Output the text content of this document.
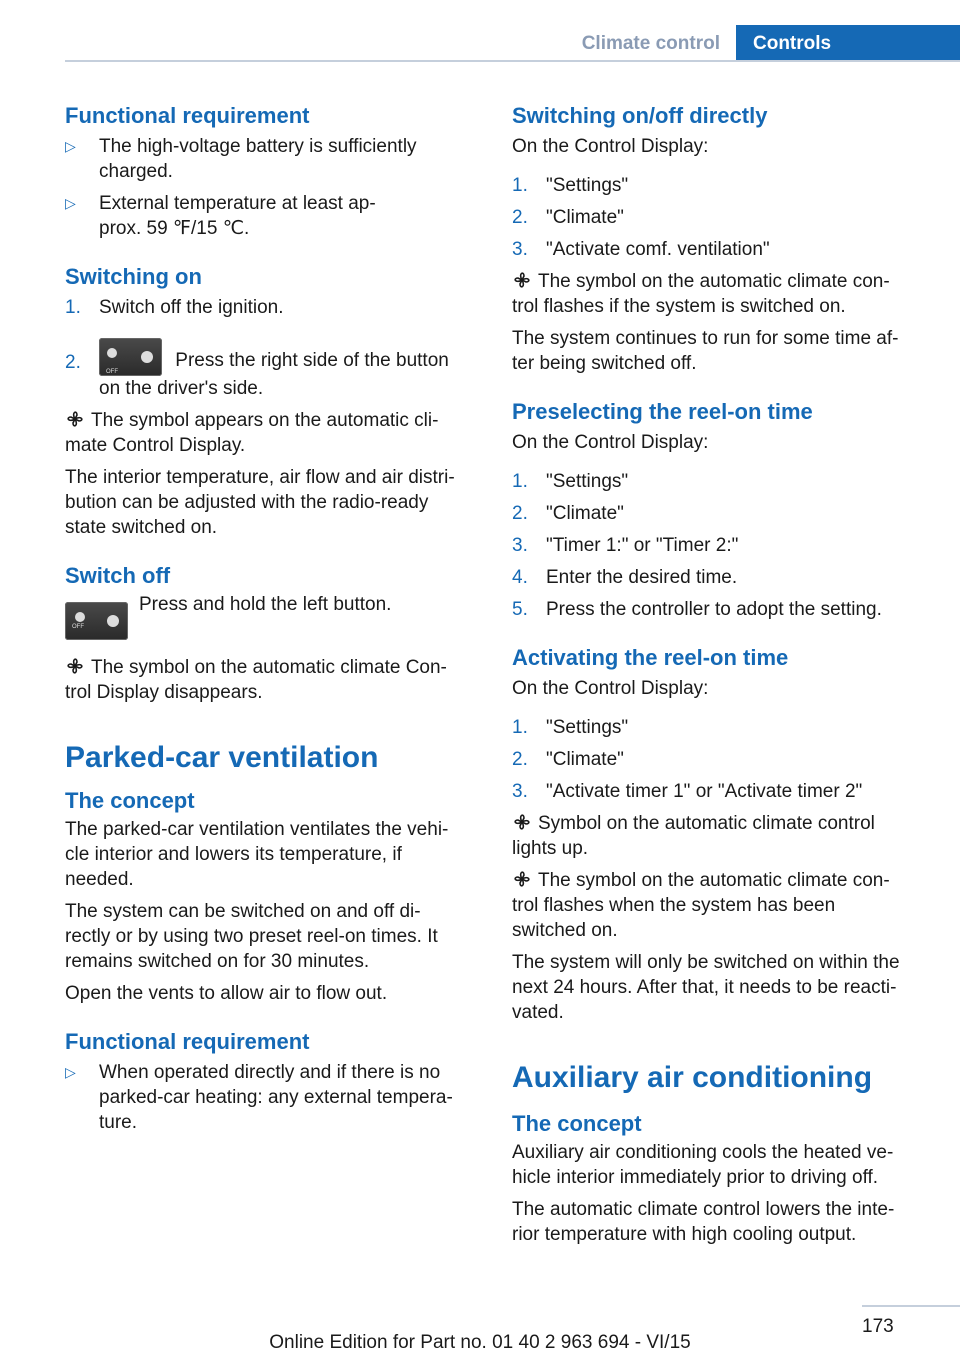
Climate control	Controls
Functional requirement
▷ The high-voltage battery is sufficiently
charged.
▷ External temperature at least ap‐
prox. 59 ℉/15 ℃.
Switching on
1. Switch off the ignition.
2.	OFF
Press the right side of the button
on the driver's side.

The symbol appears on the automatic cli‐
mate Control Display.

The interior temperature, air flow and air distri‐
bution can be adjusted with the radio-ready
state switched on.

Switch off
OFF

Press and hold the left button.

The symbol on the automatic climate Con‐
trol Display disappears.

Parked-car ventilation
The concept

The parked-car ventilation ventilates the vehi‐
cle interior and lowers its temperature, if
needed.

The system can be switched on and off di‐
rectly or by using two preset reel-on times. It
remains switched on for 30 minutes.

Open the vents to allow air to flow out.

Functional requirement
▷ When operated directly and if there is no
parked-car heating: any external tempera‐
ture.
Switching on/off directly

On the Control Display:

1. "Settings"
2. "Climate"
3. "Activate comf. ventilation"

The symbol on the automatic climate con‐
trol flashes if the system is switched on.

The system continues to run for some time af‐
ter being switched off.

Preselecting the reel-on time

On the Control Display:

1. "Settings"
2. "Climate"
3. "Timer 1:" or "Timer 2:"
4. Enter the desired time.
5. Press the controller to adopt the setting.
Activating the reel-on time

On the Control Display:

1. "Settings"
2. "Climate"
3. "Activate timer 1" or "Activate timer 2"

Symbol on the automatic climate control
lights up.

The symbol on the automatic climate con‐
trol flashes when the system has been
switched on.

The system will only be switched on within the
next 24 hours. After that, it needs to be reacti‐
vated.

Auxiliary air conditioning
The concept

Auxiliary air conditioning cools the heated ve‐
hicle interior immediately prior to driving off.

The automatic climate control lowers the inte‐
rior temperature with high cooling output.

173
Online Edition for Part no. 01 40 2 963 694 - VI/15
